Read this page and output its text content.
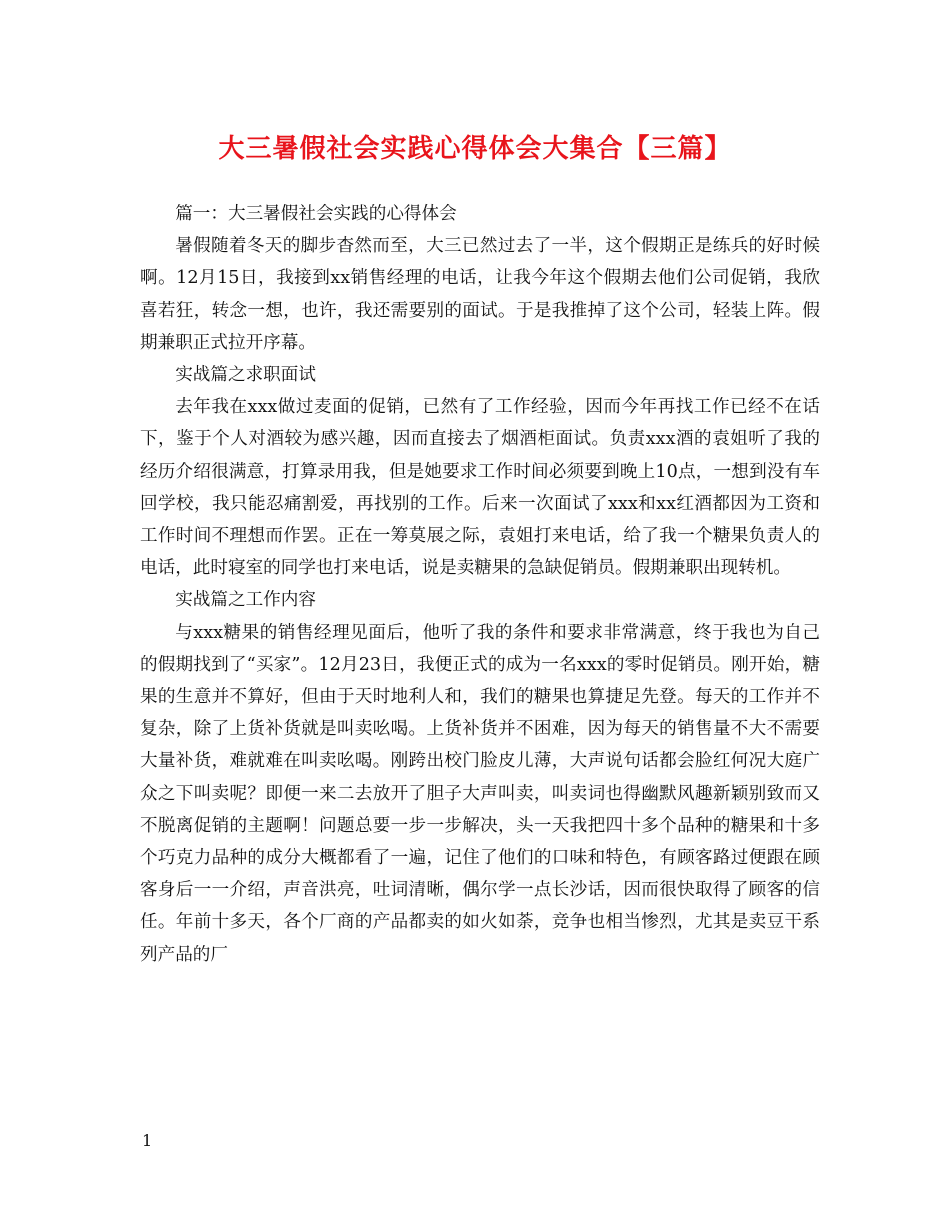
大三暑假社会实践心得体会大集合【三篇】

篇一：大三暑假社会实践的心得体会

暑假随着冬天的脚步杳然而至，大三已然过去了一半，这个假期正是练兵的好时候啊。12月15日，我接到xx销售经理的电话，让我今年这个假期去他们公司促销，我欣喜若狂，转念一想，也许，我还需要别的面试。于是我推掉了这个公司，轻装上阵。假期兼职正式拉开序幕。

实战篇之求职面试

去年我在xxx做过麦面的促销，已然有了工作经验，因而今年再找工作已经不在话下，鉴于个人对酒较为感兴趣，因而直接去了烟酒柜面试。负责xxx酒的袁姐听了我的经历介绍很满意，打算录用我，但是她要求工作时间必须要到晚上10点，一想到没有车回学校，我只能忍痛割爱，再找别的工作。后来一次面试了xxx和xx红酒都因为工资和工作时间不理想而作罢。正在一筹莫展之际，袁姐打来电话，给了我一个糖果负责人的电话，此时寝室的同学也打来电话，说是卖糖果的急缺促销员。假期兼职出现转机。

实战篇之工作内容

与xxx糖果的销售经理见面后，他听了我的条件和要求非常满意，终于我也为自己的假期找到了“买家”。12月23日，我便正式的成为一名xxx的零时促销员。刚开始，糖果的生意并不算好，但由于天时地利人和，我们的糖果也算捷足先登。每天的工作并不复杂，除了上货补货就是叫卖吆喝。上货补货并不困难，因为每天的销售量不大不需要大量补货，难就难在叫卖吆喝。刚跨出校门脸皮儿薄，大声说句话都会脸红何况大庭广众之下叫卖呢？即便一来二去放开了胆子大声叫卖，叫卖词也得幽默风趣新颖别致而又不脱离促销的主题啊！问题总要一步一步解决，头一天我把四十多个品种的糖果和十多个巧克力品种的成分大概都看了一遍，记住了他们的口味和特色，有顾客路过便跟在顾客身后一一介绍，声音洪亮，吐词清晰，偶尔学一点长沙话，因而很快取得了顾客的信任。年前十多天，各个厂商的产品都卖的如火如荼，竞争也相当惨烈，尤其是卖豆干系列产品的厂

1
